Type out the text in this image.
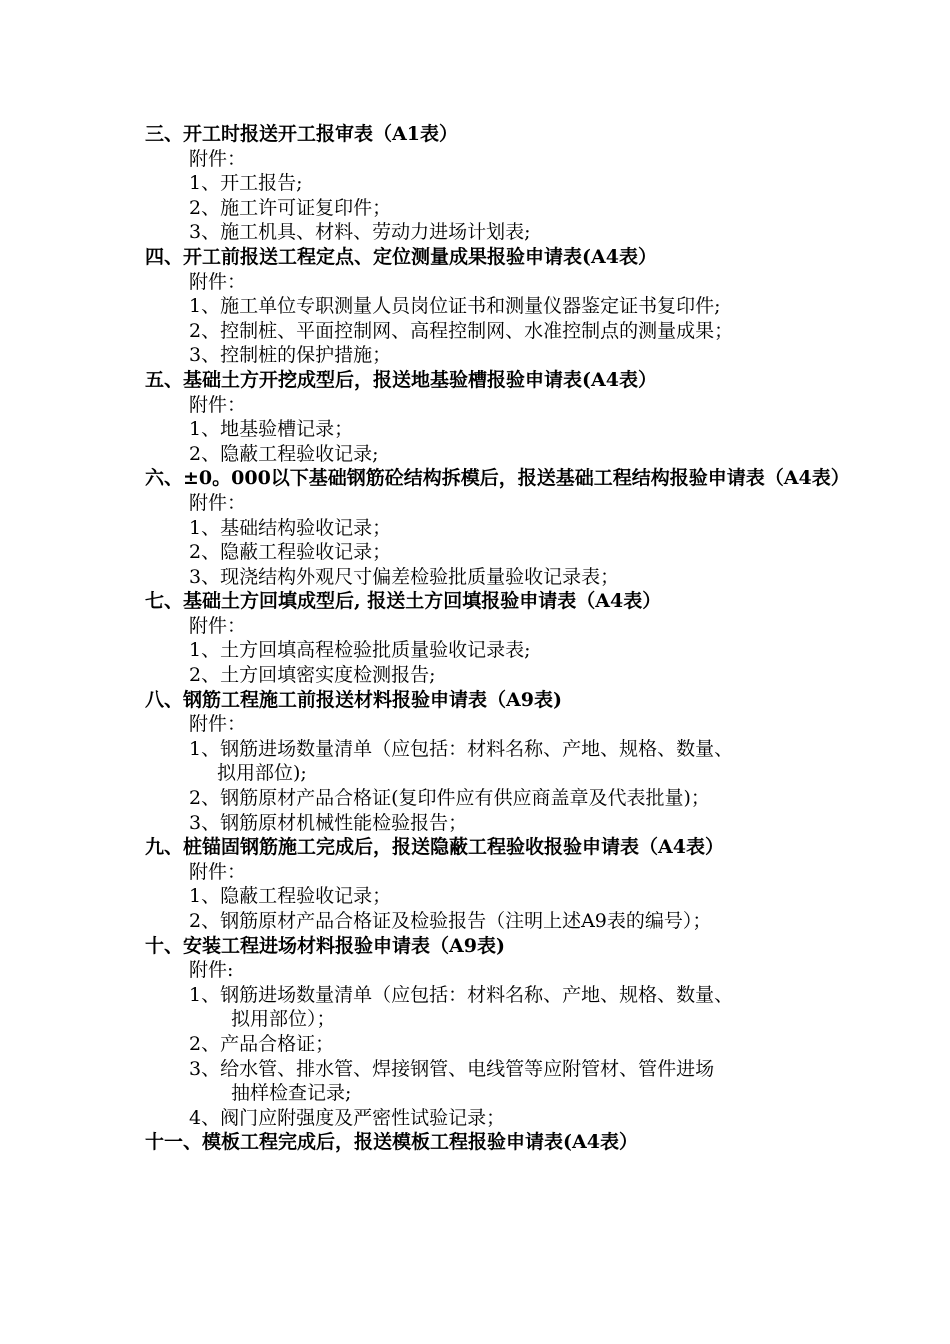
三、开工时报送开工报审表（A1表）
附件：
1、开工报告;
2、施工许可证复印件；
3、施工机具、材料、劳动力进场计划表;
四、开工前报送工程定点、定位测量成果报验申请表(A4表）
附件：
1、施工单位专职测量人员岗位证书和测量仪器鉴定证书复印件;
2、控制桩、平面控制网、高程控制网、水准控制点的测量成果；
3、控制桩的保护措施；
五、基础土方开挖成型后，报送地基验槽报验申请表(A4表）
附件：
1、地基验槽记录；
2、隐蔽工程验收记录;
六、±0。000以下基础钢筋砼结构拆模后，报送基础工程结构报验申请表（A4表）
附件：
1、基础结构验收记录；
2、隐蔽工程验收记录；
3、现浇结构外观尺寸偏差检验批质量验收记录表；
七、基础土方回填成型后, 报送土方回填报验申请表（A4表）
附件：
1、土方回填高程检验批质量验收记录表;
2、土方回填密实度检测报告;
八、钢筋工程施工前报送材料报验申请表（A9表)
附件：
1、钢筋进场数量清单（应包括：材料名称、产地、规格、数量、
拟用部位);
2、钢筋原材产品合格证(复印件应有供应商盖章及代表批量)；
3、钢筋原材机械性能检验报告；
九、桩锚固钢筋施工完成后，报送隐蔽工程验收报验申请表（A4表）
附件：
1、隐蔽工程验收记录；
2、钢筋原材产品合格证及检验报告（注明上述A9表的编号）；
十、安装工程进场材料报验申请表（A9表)
附件:
1、钢筋进场数量清单（应包括：材料名称、产地、规格、数量、
拟用部位）；
2、产品合格证；
3、给水管、排水管、焊接钢管、电线管等应附管材、管件进场
抽样检查记录;
4、阀门应附强度及严密性试验记录；
十一、模板工程完成后，报送模板工程报验申请表(A4表）
